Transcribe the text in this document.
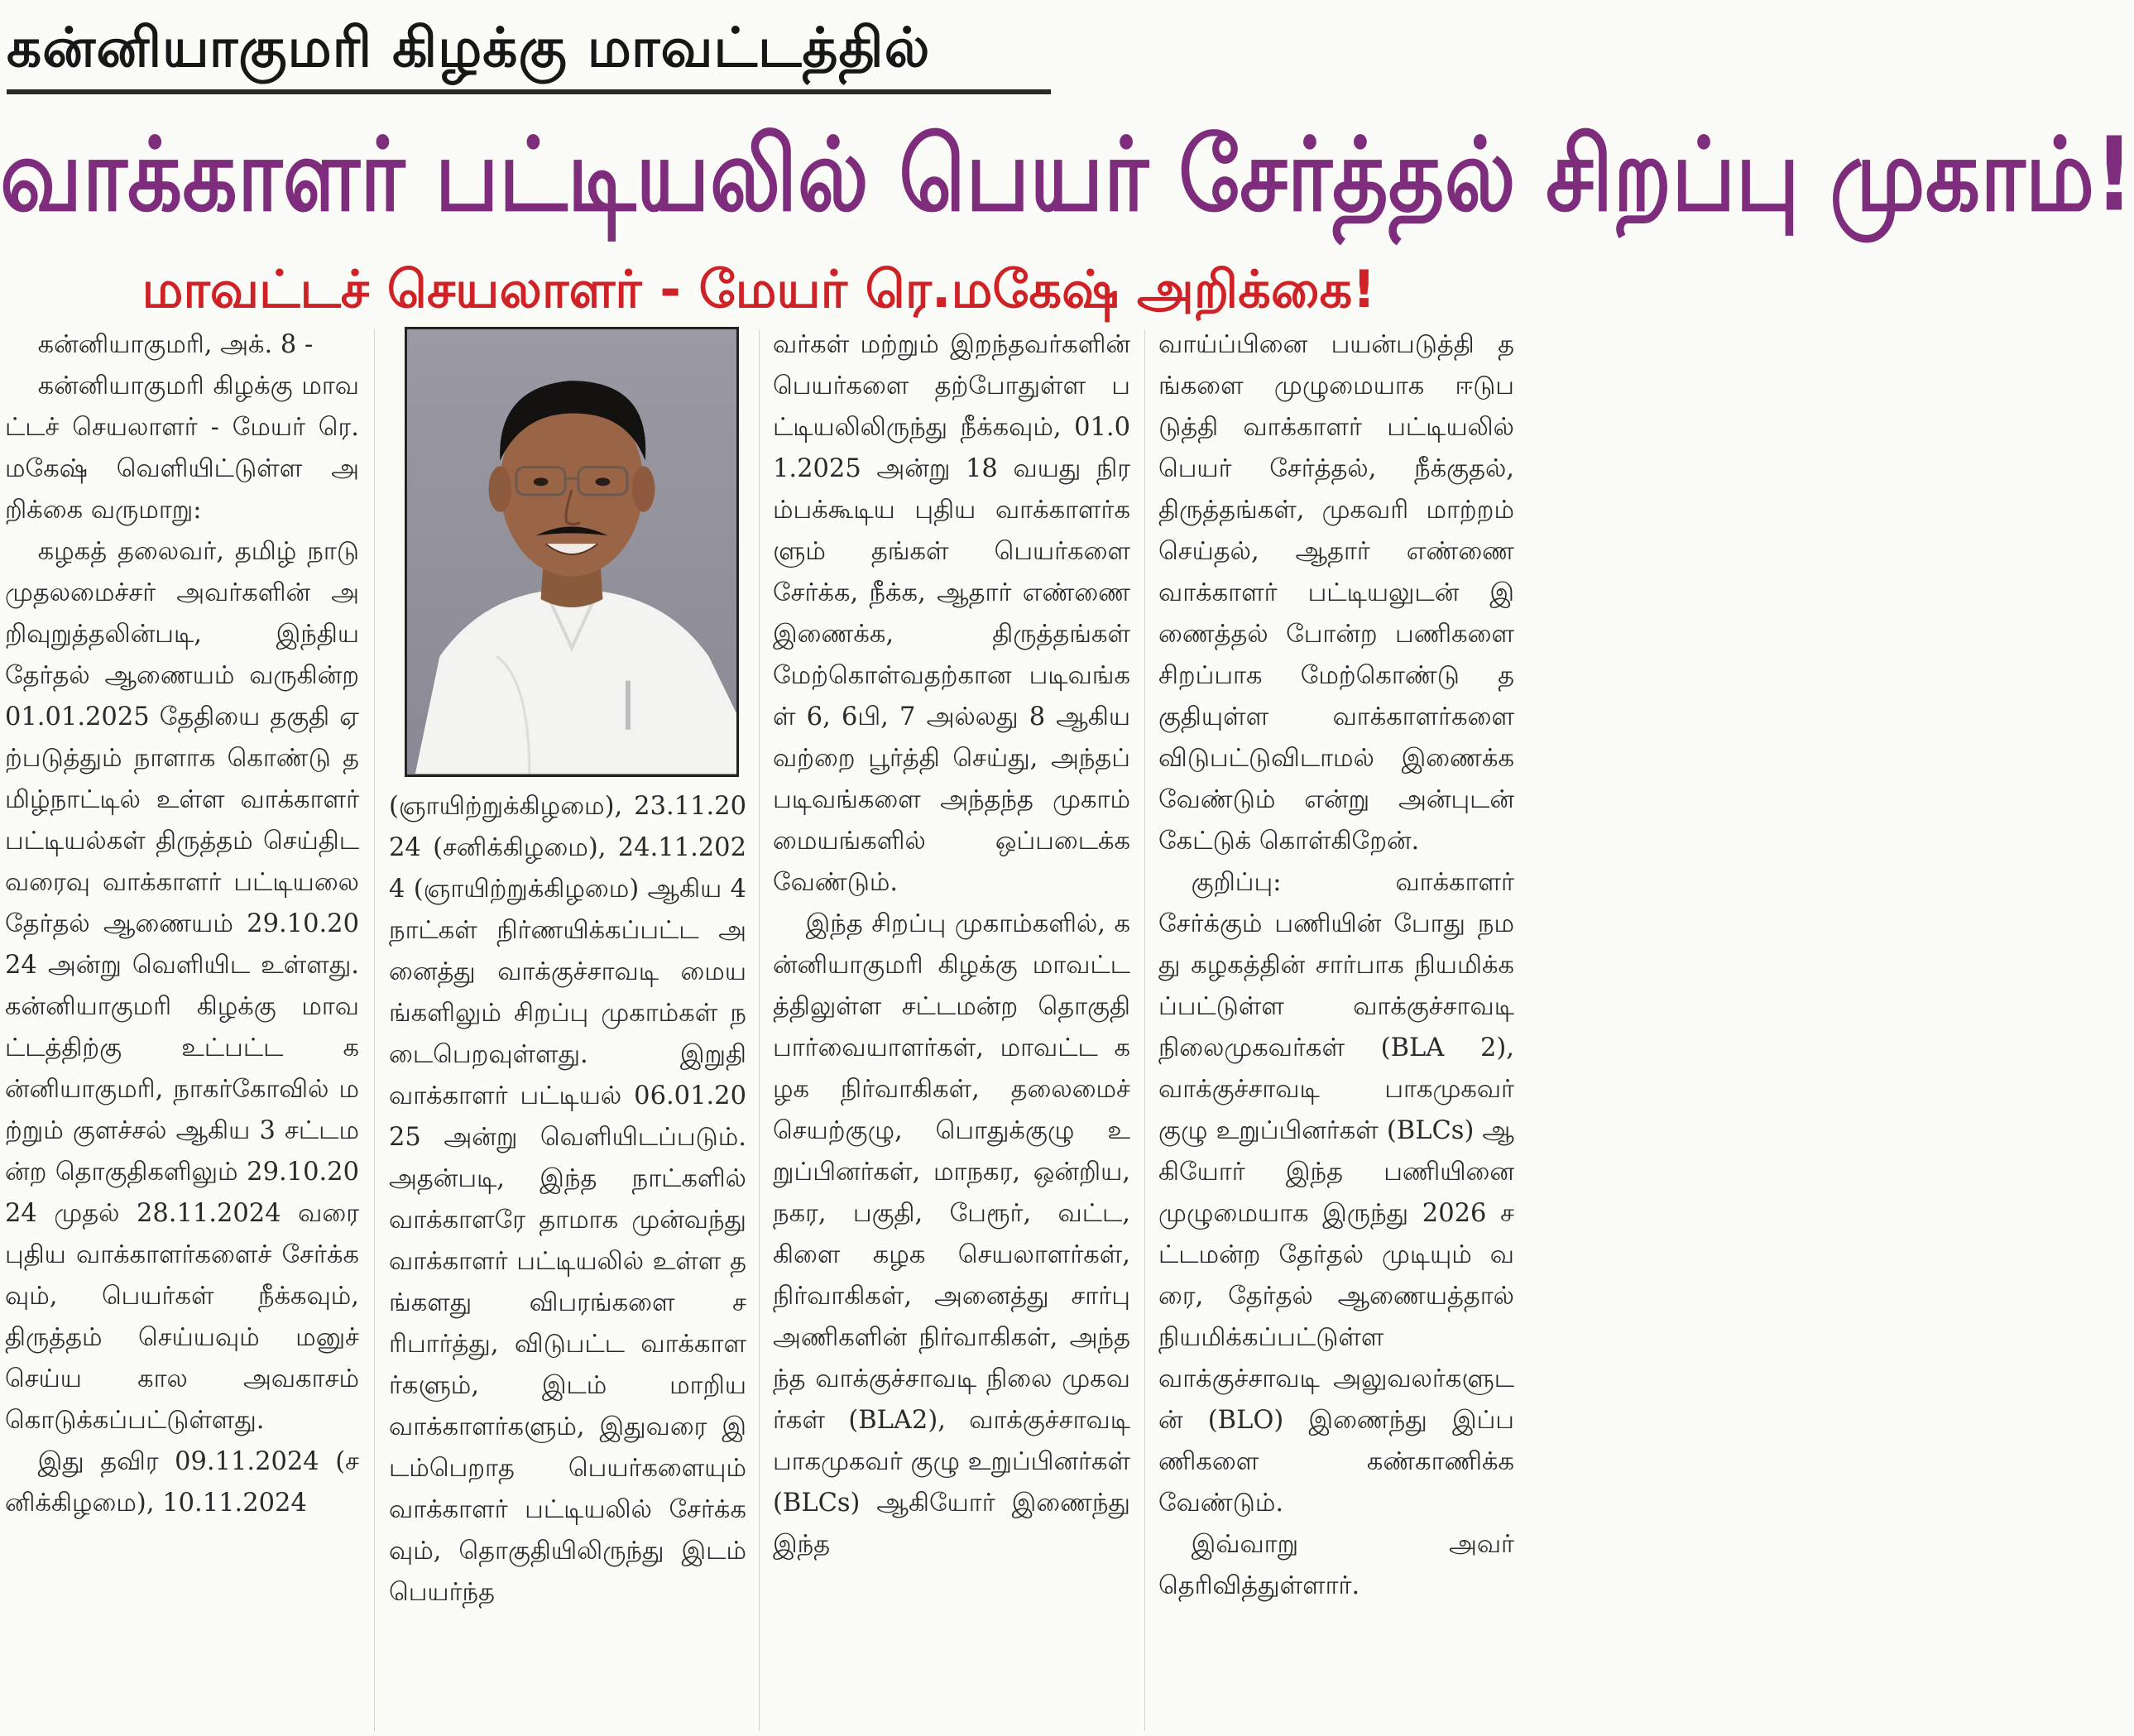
கன்னியாகுமரி கிழக்கு மாவட்டத்தில்
வாக்காளர் பட்டியலில் பெயர் சேர்த்தல் சிறப்பு முகாம்!
மாவட்டச் செயலாளர் - மேயர் ரெ.மகேஷ் அறிக்கை!

கன்னியாகுமரி, அக். 8 -

கன்னியாகுமரி கிழக்கு மாவட்டச் செயலாளர் - மேயர் ரெ.மகேஷ் வெளியிட்டுள்ள அறிக்கை வருமாறு:

கழகத் தலைவர், தமிழ் நாடு முதலமைச்சர் அவர்களின் அறிவுறுத்தலின்படி, இந்திய தேர்தல் ஆணையம் வருகின்ற 01.01.2025 தேதியை தகுதி ஏற்படுத்தும் நாளாக கொண்டு தமிழ்நாட்டில் உள்ள வாக்காளர் பட்டியல்கள் திருத்தம் செய்திட வரைவு வாக்காளர் பட்டியலை தேர்தல் ஆணையம் 29.10.2024 அன்று வெளியிட உள்ளது. கன்னியாகுமரி கிழக்கு மாவட்டத்திற்கு உட்பட்ட கன்னியாகுமரி, நாகர்கோவில் மற்றும் குளச்சல் ஆகிய 3 சட்டமன்ற தொகுதிகளிலும் 29.10.2024 முதல் 28.11.2024 வரை புதிய வாக்காளர்களைச் சேர்க்கவும், பெயர்கள் நீக்கவும், திருத்தம் செய்யவும் மனுச் செய்ய கால அவகாசம் கொடுக்கப்பட்டுள்ளது.

இது தவிர 09.11.2024 (சனிக்கிழமை), 10.11.2024

(ஞாயிற்றுக்கிழமை), 23.11.2024 (சனிக்கிழமை), 24.11.2024 (ஞாயிற்றுக்கிழமை) ஆகிய 4 நாட்கள் நிர்ணயிக்கப்பட்ட அனைத்து வாக்குச்சாவடி மையங்களிலும் சிறப்பு முகாம்கள் நடைபெறவுள்ளது. இறுதி வாக்காளர் பட்டியல் 06.01.2025 அன்று வெளியிடப்படும். அதன்படி, இந்த நாட்களில் வாக்காளரே தாமாக முன்வந்து வாக்காளர் பட்டியலில் உள்ள தங்களது விபரங்களை சரிபார்த்து, விடுபட்ட வாக்காளர்களும், இடம் மாறிய வாக்காளர்களும், இதுவரை இடம்பெறாத பெயர்களையும் வாக்காளர் பட்டியலில் சேர்க்கவும், தொகுதியிலிருந்து இடம் பெயர்ந்த

வர்கள் மற்றும் இறந்தவர்களின் பெயர்களை தற்போதுள்ள பட்டியலிலிருந்து நீக்கவும், 01.01.2025 அன்று 18 வயது நிரம்பக்கூடிய புதிய வாக்காளர்களும் தங்கள் பெயர்களை சேர்க்க, நீக்க, ஆதார் எண்ணை இணைக்க, திருத்தங்கள் மேற்கொள்வதற்கான படிவங்கள் 6, 6பி, 7 அல்லது 8 ஆகியவற்றை பூர்த்தி செய்து, அந்தப் படிவங்களை அந்தந்த முகாம் மையங்களில் ஒப்படைக்க வேண்டும்.

இந்த சிறப்பு முகாம்களில், கன்னியாகுமரி கிழக்கு மாவட்டத்திலுள்ள சட்டமன்ற தொகுதி பார்வையாளர்கள், மாவட்ட கழக நிர்வாகிகள், தலைமைச் செயற்குழு, பொதுக்குழு உறுப்பினர்கள், மாநகர, ஒன்றிய, நகர, பகுதி, பேரூர், வட்ட, கிளை கழக செயலாளர்கள், நிர்வாகிகள், அனைத்து சார்பு அணிகளின் நிர்வாகிகள், அந்தந்த வாக்குச்சாவடி நிலை முகவர்கள் (BLA2), வாக்குச்சாவடி பாகமுகவர் குழு உறுப்பினர்கள் (BLCs) ஆகியோர் இணைந்து இந்த

வாய்ப்பினை பயன்படுத்தி தங்களை முழுமையாக ஈடுபடுத்தி வாக்காளர் பட்டியலில் பெயர் சேர்த்தல், நீக்குதல், திருத்தங்கள், முகவரி மாற்றம் செய்தல், ஆதார் எண்ணை வாக்காளர் பட்டியலுடன் இணைத்தல் போன்ற பணிகளை சிறப்பாக மேற்கொண்டு தகுதியுள்ள வாக்காளர்களை விடுபட்டுவிடாமல் இணைக்க வேண்டும் என்று அன்புடன் கேட்டுக் கொள்கிறேன்.

குறிப்பு: வாக்காளர் சேர்க்கும் பணியின் போது நமது கழகத்தின் சார்பாக நியமிக்கப்பட்டுள்ள வாக்குச்சாவடி நிலைமுகவர்கள் (BLA 2), வாக்குச்சாவடி பாகமுகவர் குழு உறுப்பினர்கள் (BLCs) ஆகியோர் இந்த பணியினை முழுமையாக இருந்து 2026 சட்டமன்ற தேர்தல் முடியும் வரை, தேர்தல் ஆணையத்தால் நியமிக்கப்பட்டுள்ள வாக்குச்சாவடி அலுவலர்களுடன் (BLO) இணைந்து இப்பணிகளை கண்காணிக்க வேண்டும்.

இவ்வாறு அவர் தெரிவித்துள்ளார்.
